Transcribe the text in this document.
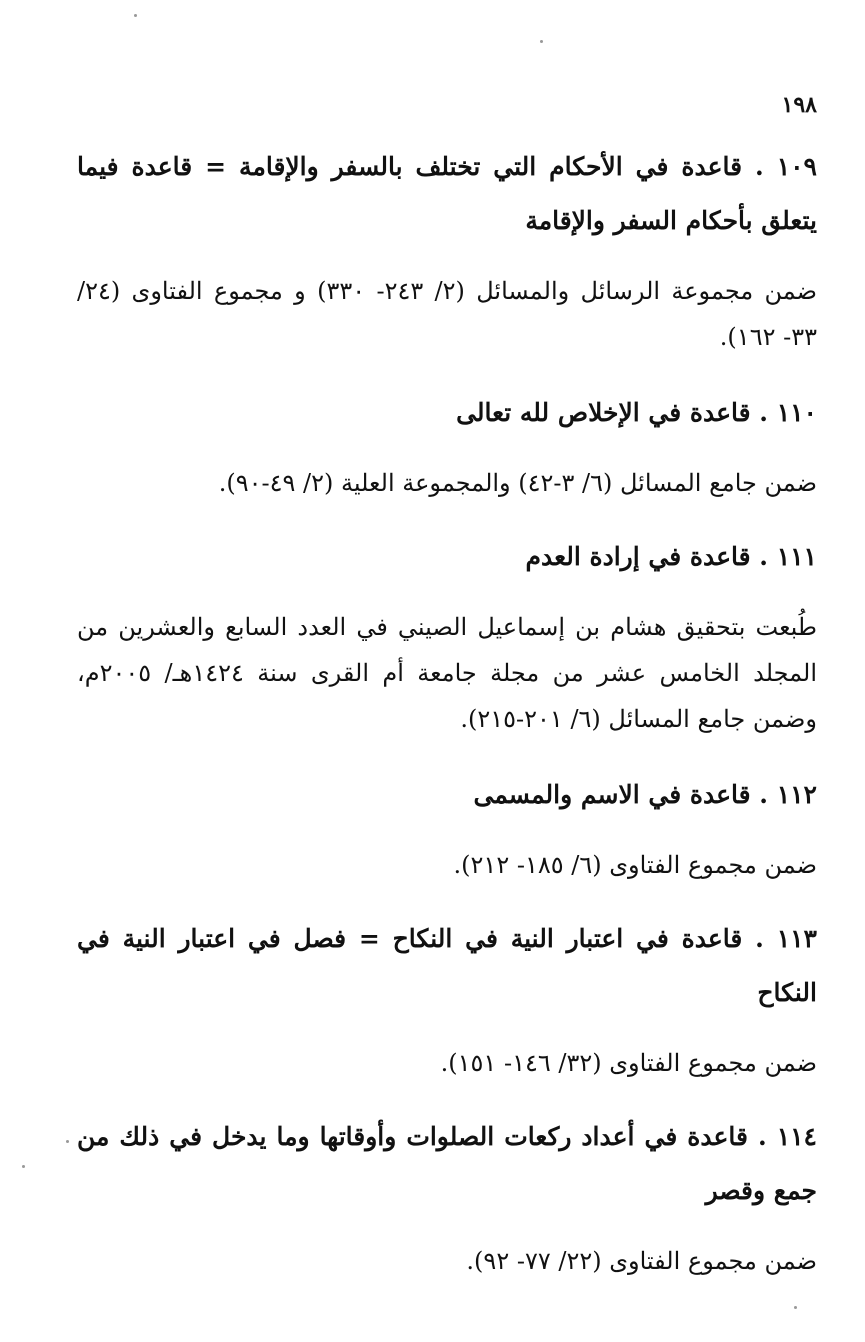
١٩٨

١٠٩ . قاعدة في الأحكام التي تختلف بالسفر والإقامة = قاعدة فيما يتعلق بأحكام السفر والإقامة

ضمن مجموعة الرسائل والمسائل (٢/ ٢٤٣- ٣٣٠) و مجموع الفتاوى (٢٤/ ٣٣- ١٦٢).

١١٠ . قاعدة في الإخلاص لله تعالى

ضمن جامع المسائل (٦/ ٣-٤٢) والمجموعة العلية (٢/ ٤٩-٩٠).

١١١ . قاعدة في إرادة العدم

طُبعت بتحقيق هشام بن إسماعيل الصيني في العدد السابع والعشرين من المجلد الخامس عشر من مجلة جامعة أم القرى سنة ١٤٢٤هـ/ ٢٠٠٥م، وضمن جامع المسائل (٦/ ٢٠١-٢١٥).

١١٢ . قاعدة في الاسم والمسمى

ضمن مجموع الفتاوى (٦/ ١٨٥- ٢١٢).

١١٣ . قاعدة في اعتبار النية في النكاح = فصل في اعتبار النية في النكاح

ضمن مجموع الفتاوى (٣٢/ ١٤٦- ١٥١).

١١٤ . قاعدة في أعداد ركعات الصلوات وأوقاتها وما يدخل في ذلك من جمع وقصر

ضمن مجموع الفتاوى (٢٢/ ٧٧- ٩٢).
